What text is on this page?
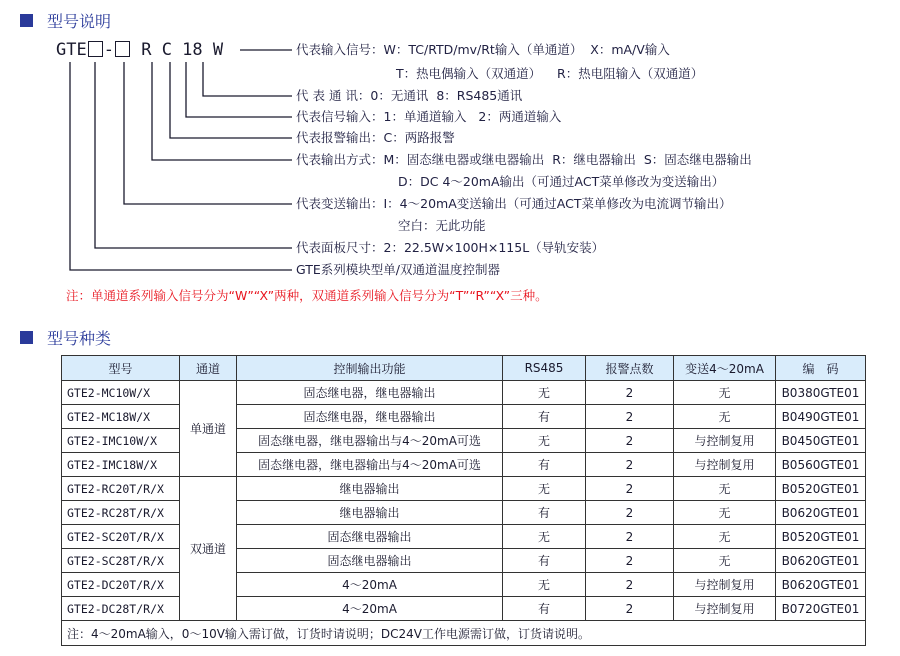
型号说明
GTE - R C 18 W	代表输入信号：W：TC/RTD/mv/Rt输入（单通道）  X：mA/V输入
T：热电偶输入（双通道）    R：热电阻输入（双通道）
代 表 通 讯：0：无通讯  8：RS485通讯
代表信号输入：1：单通道输入   2：两通道输入
代表报警输出：C：两路报警
代表输出方式：M：固态继电器或继电器输出  R：继电器输出  S：固态继电器输出
D：DC 4～20mA输出（可通过ACT菜单修改为变送输出）
代表变送输出：I：4～20mA变送输出（可通过ACT菜单修改为电流调节输出）
空白：无此功能
代表面板尺寸：2：22.5W×100H×115L（导轨安装）
GTE系列模块型单/双通道温度控制器
注：单通道系列输入信号分为“W”“X”两种，双通道系列输入信号分为“T”“R”“X”三种。
型号种类
型号	通道	控制输出功能	RS485	报警点数	变送4～20mA	编　码
GTE2-MC10W/X	单通道	固态继电器，继电器输出	无	2	无	B0380GTE01
GTE2-MC18W/X		固态继电器，继电器输出	有	2	无	B0490GTE01
GTE2-IMC10W/X		固态继电器，继电器输出与4～20mA可选	无	2	与控制复用	B0450GTE01
GTE2-IMC18W/X		固态继电器，继电器输出与4～20mA可选	有	2	与控制复用	B0560GTE01
GTE2-RC20T/R/X	双通道	继电器输出	无	2	无	B0520GTE01
GTE2-RC28T/R/X		继电器输出	有	2	无	B0620GTE01
GTE2-SC20T/R/X		固态继电器输出	无	2	无	B0520GTE01
GTE2-SC28T/R/X		固态继电器输出	有	2	无	B0620GTE01
GTE2-DC20T/R/X		4～20mA	无	2	与控制复用	B0620GTE01
GTE2-DC28T/R/X		4～20mA	有	2	与控制复用	B0720GTE01
注：4～20mA输入，0～10V输入需订做，订货时请说明；DC24V工作电源需订做，订货请说明。						
